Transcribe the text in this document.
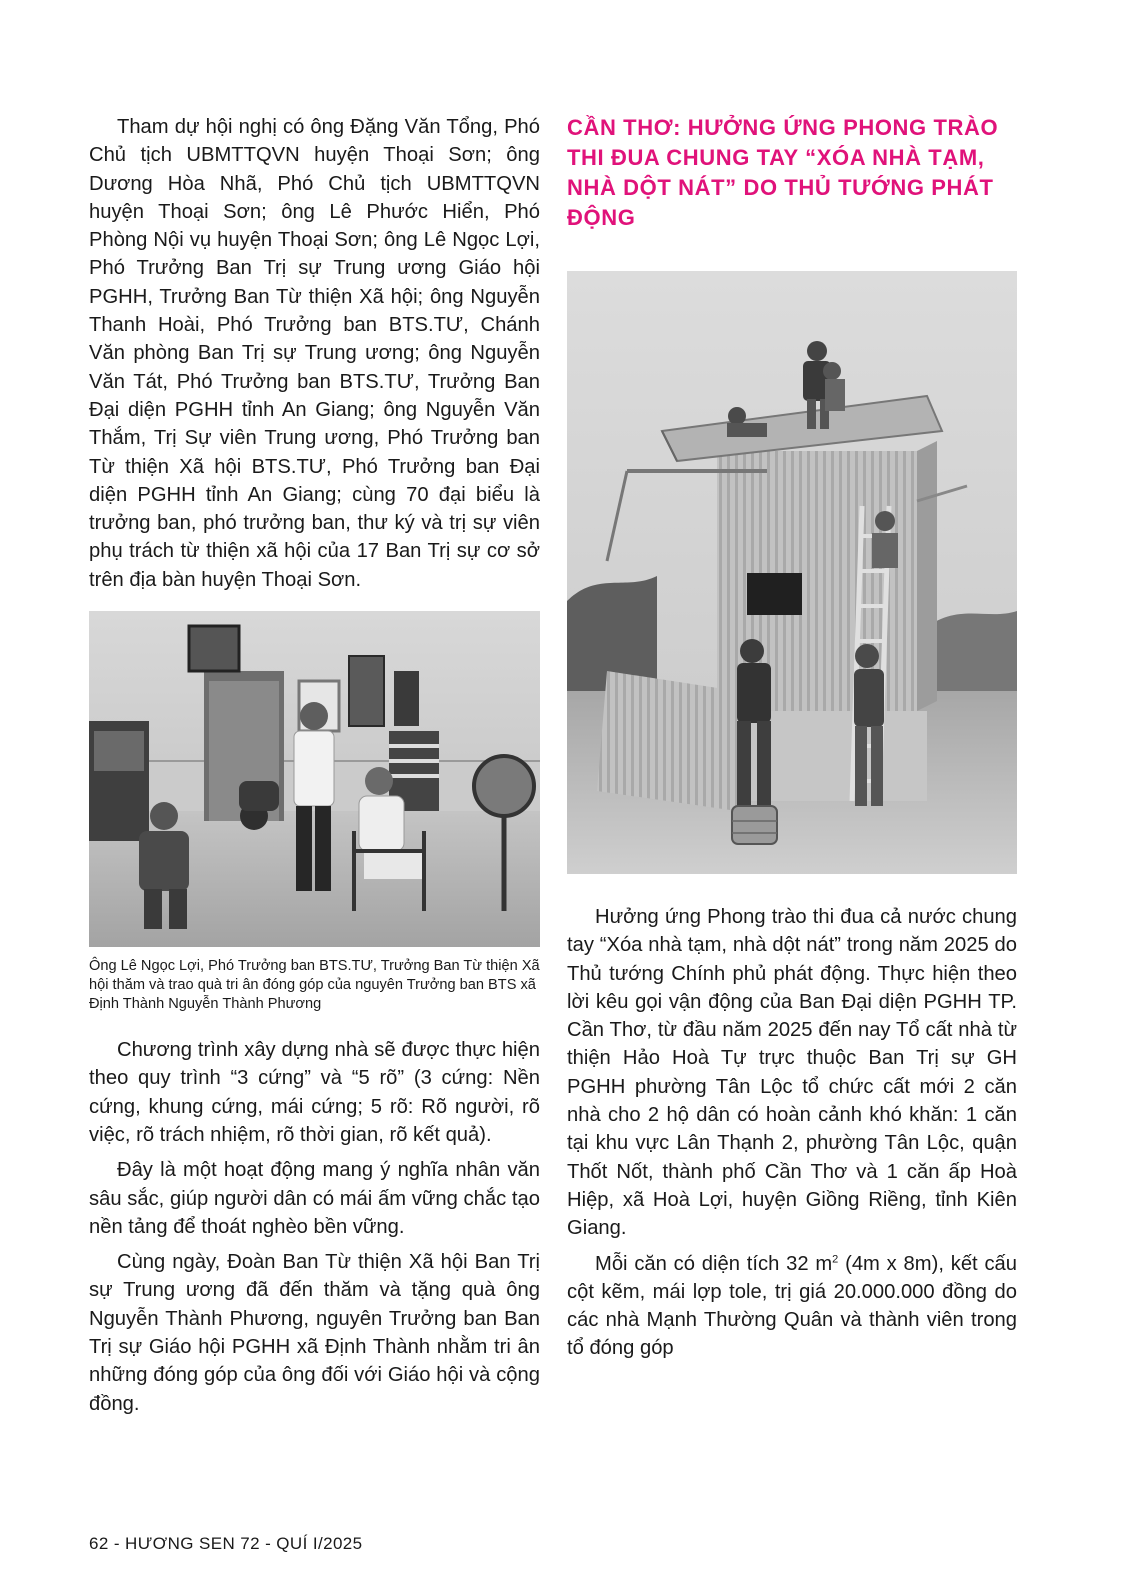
Tham dự hội nghị có ông Đặng Văn Tổng, Phó Chủ tịch UBMTTQVN huyện Thoại Sơn; ông Dương Hòa Nhã, Phó Chủ tịch UBMTTQVN huyện Thoại Sơn; ông Lê Phước Hiển, Phó Phòng Nội vụ huyện Thoại Sơn; ông Lê Ngọc Lợi, Phó Trưởng Ban Trị sự Trung ương Giáo hội PGHH, Trưởng Ban Từ thiện Xã hội; ông Nguyễn Thanh Hoài, Phó Trưởng ban BTS.TƯ, Chánh Văn phòng Ban Trị sự Trung ương; ông Nguyễn Văn Tát, Phó Trưởng ban BTS.TƯ, Trưởng Ban Đại diện PGHH tỉnh An Giang; ông Nguyễn Văn Thắm, Trị Sự viên Trung ương, Phó Trưởng ban Từ thiện Xã hội BTS.TƯ, Phó Trưởng ban Đại diện PGHH tỉnh An Giang; cùng 70 đại biểu là trưởng ban, phó trưởng ban, thư ký và trị sự viên phụ trách từ thiện xã hội của 17 Ban Trị sự cơ sở trên địa bàn huyện Thoại Sơn.

Ông Lê Ngọc Lợi, Phó Trưởng ban BTS.TƯ, Trưởng Ban Từ thiện Xã hội thăm và trao quà tri ân đóng góp của nguyên Trưởng ban BTS xã Định Thành Nguyễn Thành Phương

Chương trình xây dựng nhà sẽ được thực hiện theo quy trình “3 cứng” và “5 rõ” (3 cứng: Nền cứng, khung cứng, mái cứng; 5 rõ: Rõ người, rõ việc, rõ trách nhiệm, rõ thời gian, rõ kết quả).

Đây là một hoạt động mang ý nghĩa nhân văn sâu sắc, giúp người dân có mái ấm vững chắc tạo nền tảng để thoát nghèo bền vững.

Cùng ngày, Đoàn Ban Từ thiện Xã hội Ban Trị sự Trung ương đã đến thăm và tặng quà ông Nguyễn Thành Phương, nguyên Trưởng ban Ban Trị sự Giáo hội PGHH xã Định Thành nhằm tri ân những đóng góp của ông đối với Giáo hội và cộng đồng.

CẦN THƠ: HƯỞNG ỨNG PHONG TRÀO THI ĐUA CHUNG TAY “XÓA NHÀ TẠM, NHÀ DỘT NÁT” DO THỦ TƯỚNG PHÁT ĐỘNG

Hưởng ứng Phong trào thi đua cả nước chung tay “Xóa nhà tạm, nhà dột nát” trong năm 2025 do Thủ tướng Chính phủ phát động. Thực hiện theo lời kêu gọi vận động của Ban Đại diện PGHH TP. Cần Thơ, từ đầu năm 2025 đến nay Tổ cất nhà từ thiện Hảo Hoà Tự trực thuộc Ban Trị sự GH PGHH phường Tân Lộc tổ chức cất mới 2 căn nhà cho 2 hộ dân có hoàn cảnh khó khăn: 1 căn tại khu vực Lân Thạnh 2, phường Tân Lộc, quận Thốt Nốt, thành phố Cần Thơ và 1 căn ấp Hoà Hiệp, xã Hoà Lợi, huyện Giồng Riềng, tỉnh Kiên Giang.

Mỗi căn có diện tích 32 $m^2$ (4m x 8m), kết cấu cột kẽm, mái lợp tole, trị giá 20.000.000 đồng do các nhà Mạnh Thường Quân và thành viên trong tổ đóng góp

62 - HƯƠNG SEN 72 - QUÍ I/2025
